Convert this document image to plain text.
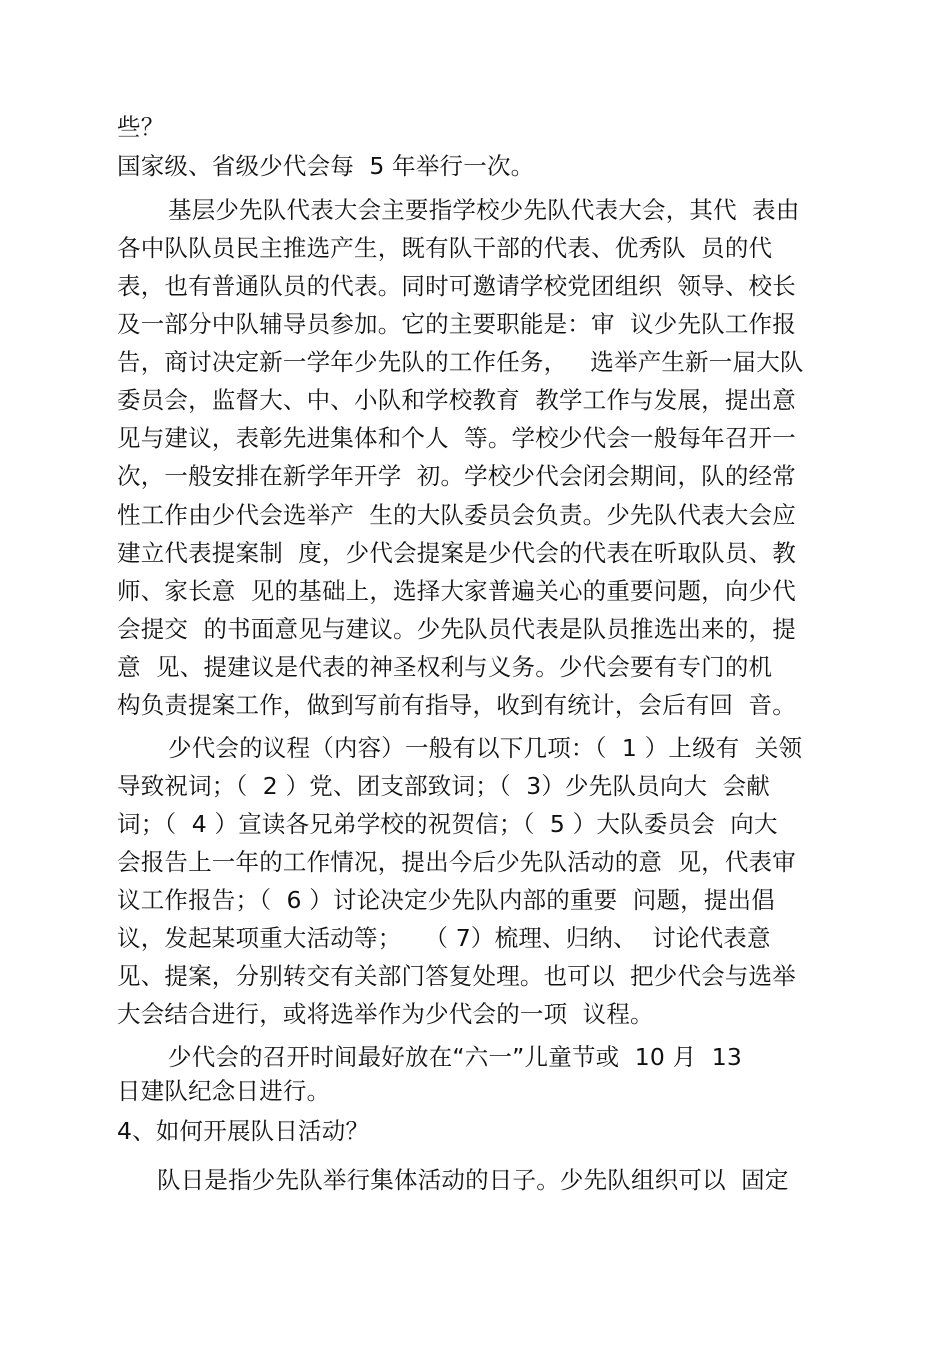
些？
国家级、省级少代会每  5 年举行一次。
基层少先队代表大会主要指学校少先队代表大会，其代  表由
各中队队员民主推选产生，既有队干部的代表、优秀队  员的代
表，也有普通队员的代表。同时可邀请学校党团组织  领导、校长
及一部分中队辅导员参加。它的主要职能是：审  议少先队工作报
告，商讨决定新一学年少先队的工作任务，   选举产生新一届大队
委员会，监督大、中、小队和学校教育  教学工作与发展，提出意
见与建议，表彰先进集体和个人  等。学校少代会一般每年召开一
次，一般安排在新学年开学  初。学校少代会闭会期间，队的经常
性工作由少代会选举产  生的大队委员会负责。少先队代表大会应
建立代表提案制  度，少代会提案是少代会的代表在听取队员、教
师、家长意  见的基础上，选择大家普遍关心的重要问题，向少代
会提交  的书面意见与建议。少先队员代表是队员推选出来的，提
意  见、提建议是代表的神圣权利与义务。少代会要有专门的机
构负责提案工作，做到写前有指导，收到有统计，会后有回  音。
少代会的议程（内容）一般有以下几项：（  1 ）上级有  关领
导致祝词；（  2 ）党、团支部致词；（  3）少先队员向大  会献
词；（  4 ）宣读各兄弟学校的祝贺信；（  5 ）大队委员会  向大
会报告上一年的工作情况，提出今后少先队活动的意  见，代表审
议工作报告；（  6 ）讨论决定少先队内部的重要  问题，提出倡
议，发起某项重大活动等；   （ 7）梳理、归纳、  讨论代表意
见、提案，分别转交有关部门答复处理。也可以  把少代会与选举
大会结合进行，或将选举作为少代会的一项  议程。
少代会的召开时间最好放在“六一”儿童节或  10 月  13
日建队纪念日进行。
4、如何开展队日活动？
队日是指少先队举行集体活动的日子。少先队组织可以  固定
